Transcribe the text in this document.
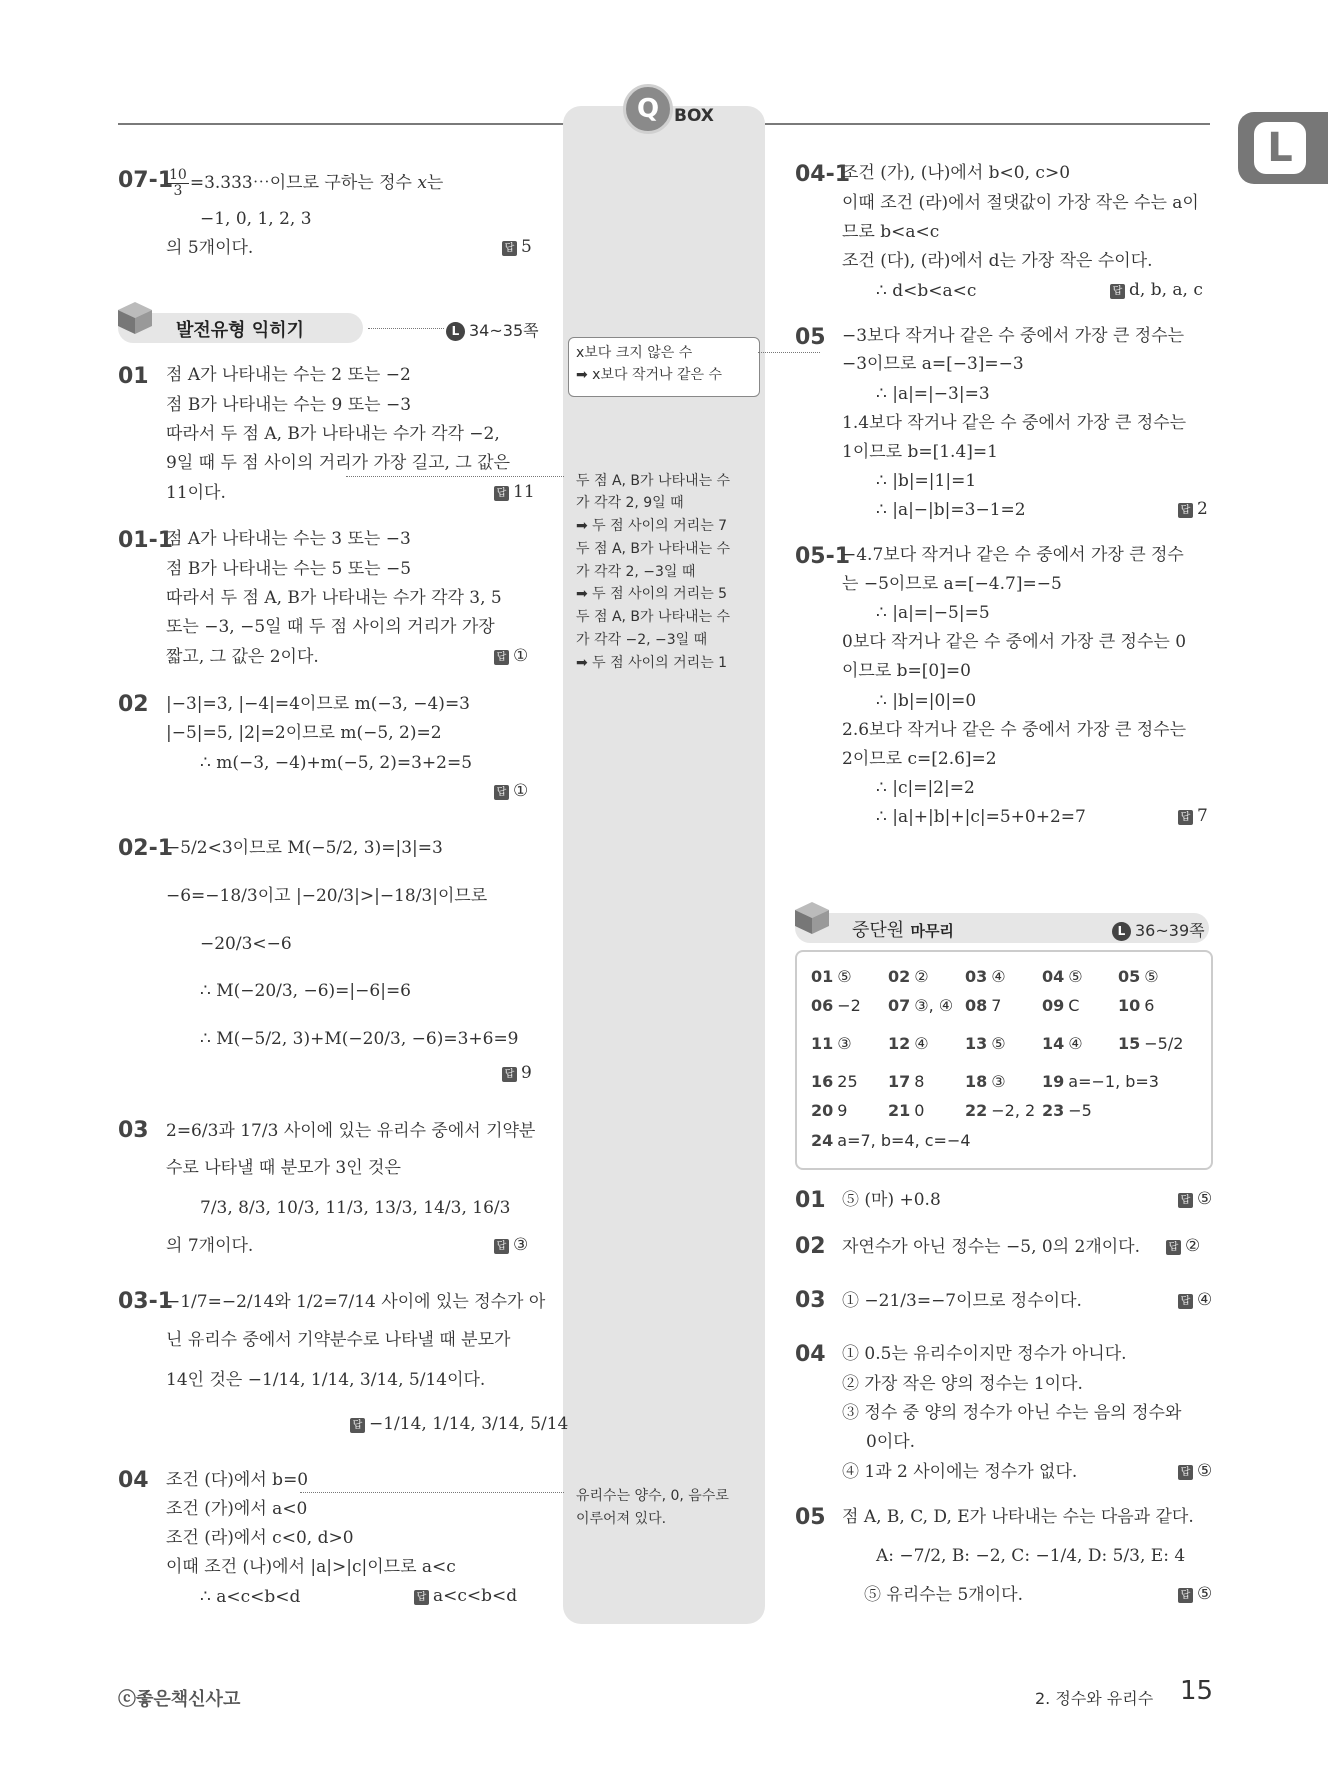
Q BOX
L
07-1
$\frac{10}{3}$ =3.333⋯이므로 구하는 정수 x는
−1, 0, 1, 2, 3
의 5개이다.	답 5
발전유형 익히기	L 34~35쪽
01 점 A가 나타내는 수는 2 또는 −2
점 B가 나타내는 수는 9 또는 −3
따라서 두 점 A, B가 나타내는 수가 각각 −2,
9일 때 두 점 사이의 거리가 가장 길고, 그 값은
11이다.	답 11
01-1
점 A가 나타내는 수는 3 또는 −3
점 B가 나타내는 수는 5 또는 −5
따라서 두 점 A, B가 나타내는 수가 각각 3, 5
또는 −3, −5일 때 두 점 사이의 거리가 가장
짧고, 그 값은 2이다.	답 ①
02 |−3|=3, |−4|=4이므로 m(−3, −4)=3
|−5|=5, |2|=2이므로 m(−5, 2)=2
∴ m(−3, −4)+m(−5, 2)=3+2=5
답 ①
02-1
−5/2<3이므로 M(−5/2, 3)=|3|=3
−6=−18/3이고 |−20/3|>|−18/3|이므로
−20/3<−6
∴ M(−20/3, −6)=|−6|=6
∴ M(−5/2, 3)+M(−20/3, −6)=3+6=9
답 9
03 2=6/3과 17/3 사이에 있는 유리수 중에서 기약분
수로 나타낼 때 분모가 3인 것은
7/3, 8/3, 10/3, 11/3, 13/3, 14/3, 16/3
의 7개이다.	답 ③
03-1
−1/7=−2/14와 1/2=7/14 사이에 있는 정수가 아
닌 유리수 중에서 기약분수로 나타낼 때 분모가
14인 것은 −1/14, 1/14, 3/14, 5/14이다.
답 −1/14, 1/14, 3/14, 5/14
04 조건 (다)에서 b=0
조건 (가)에서 a<0
조건 (라)에서 c<0, d>0
이때 조건 (나)에서 |a|>|c|이므로 a<c
∴ a<c<b<d	답 a<c<b<d
x보다 크지 않은 수
➡ x보다 작거나 같은 수
두 점 A, B가 나타내는 수
가 각각 2, 9일 때
➡ 두 점 사이의 거리는 7
두 점 A, B가 나타내는 수
가 각각 2, −3일 때
➡ 두 점 사이의 거리는 5
두 점 A, B가 나타내는 수
가 각각 −2, −3일 때
➡ 두 점 사이의 거리는 1
유리수는 양수, 0, 음수로
이루어져 있다.
04-1
조건 (가), (나)에서 b<0, c>0
이때 조건 (라)에서 절댓값이 가장 작은 수는 a이
므로 b<a<c
조건 (다), (라)에서 d는 가장 작은 수이다.
∴ d<b<a<c	답 d, b, a, c
05 −3보다 작거나 같은 수 중에서 가장 큰 정수는
−3이므로 a=[−3]=−3
∴ |a|=|−3|=3
1.4보다 작거나 같은 수 중에서 가장 큰 정수는
1이므로 b=[1.4]=1
∴ |b|=|1|=1
∴ |a|−|b|=3−1=2	답 2
05-1
−4.7보다 작거나 같은 수 중에서 가장 큰 정수
는 −5이므로 a=[−4.7]=−5
∴ |a|=|−5|=5
0보다 작거나 같은 수 중에서 가장 큰 정수는 0
이므로 b=[0]=0
∴ |b|=|0|=0
2.6보다 작거나 같은 수 중에서 가장 큰 정수는
2이므로 c=[2.6]=2
∴ |c|=|2|=2
∴ |a|+|b|+|c|=5+0+2=7	답 7
중단원 마무리	L 36~39쪽
01 ⑤ 02 ② 03 ④ 04 ⑤ 05 ⑤
06 −2 07 ③, ④ 08 7	09 C 10 6
11 ③ 12 ④ 13 ⑤ 14 ④ 15 −5/2
16 25 17 8	18 ③ 19 a=−1, b=3
20 9	21 0	22 −2, 2 23 −5
24 a=7, b=4, c=−4
01 ⑤ (마) +0.8	답 ⑤
02 자연수가 아닌 정수는 −5, 0의 2개이다.	답 ②
03 ① −21/3=−7이므로 정수이다.	답 ④
04 ① 0.5는 유리수이지만 정수가 아니다.
② 가장 작은 양의 정수는 1이다.
③ 정수 중 양의 정수가 아닌 수는 음의 정수와
0이다.
④ 1과 2 사이에는 정수가 없다.	답 ⑤
05 점 A, B, C, D, E가 나타내는 수는 다음과 같다.
A: −7/2, B: −2, C: −1/4, D: 5/3, E: 4
⑤ 유리수는 5개이다.	답 ⑤
ⓒ좋은책신사고	2. 정수와 유리수 15
